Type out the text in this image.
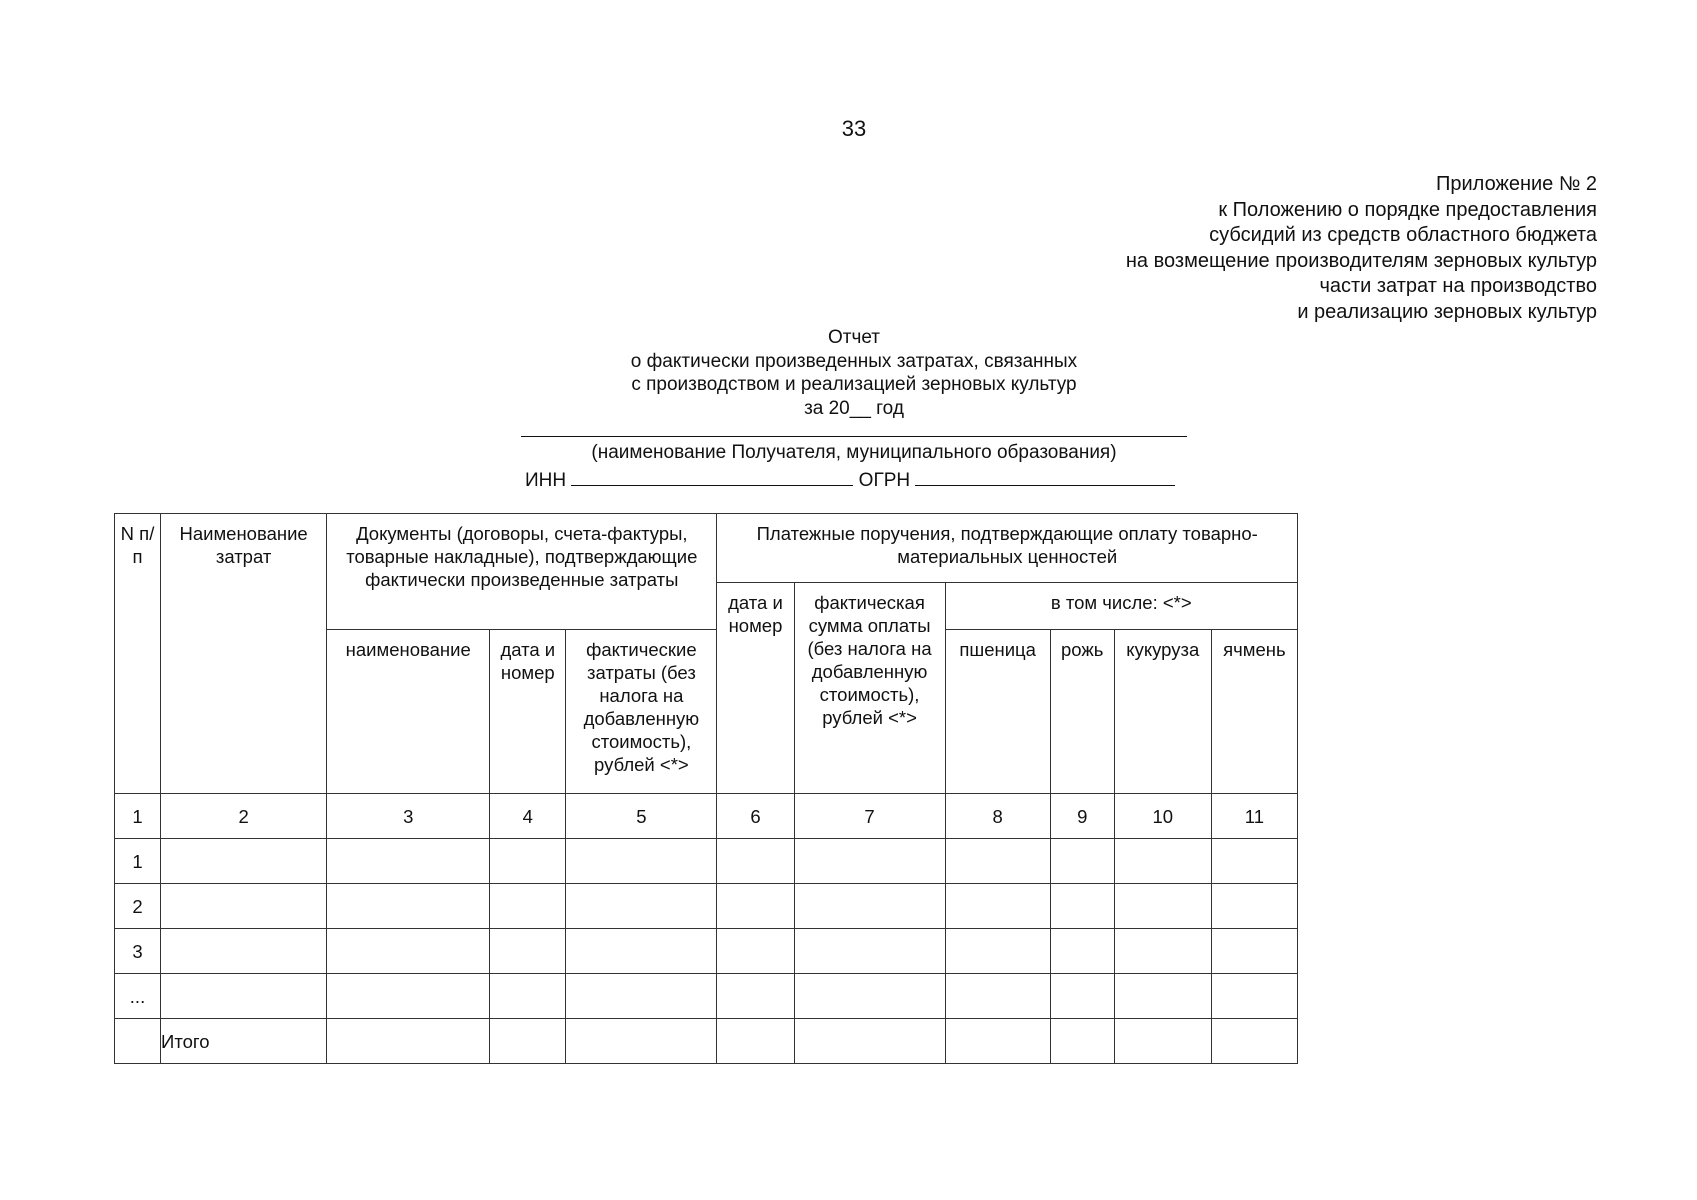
33
Приложение № 2
к Положению о порядке предоставления
субсидий из средств областного бюджета
на возмещение производителям зерновых культур
части затрат на производство
и реализацию зерновых культур
Отчет
о фактически произведенных затратах, связанных
с производством и реализацией зерновых культур
за 20__ год
(наименование Получателя, муниципального образования)
ИНН	ОГРН
N п/п	Наименование затрат	Документы (договоры, счета-фактуры, товарные накладные), подтверждающие фактически произведенные затраты			Платежные поручения, подтверждающие оплату товарно-материальных ценностей					
					дата и номер	фактическая сумма оплаты (без налога на добавленную стоимость), рублей <*>	в том числе: <*>			
		наименование	дата и номер	фактические затраты (без налога на добавленную стоимость), рублей <*>			пшеница	рожь	кукуруза	ячмень
1	2	3	4	5	6	7	8	9	10	11
1										
2										
3										
...										
	Итого									
